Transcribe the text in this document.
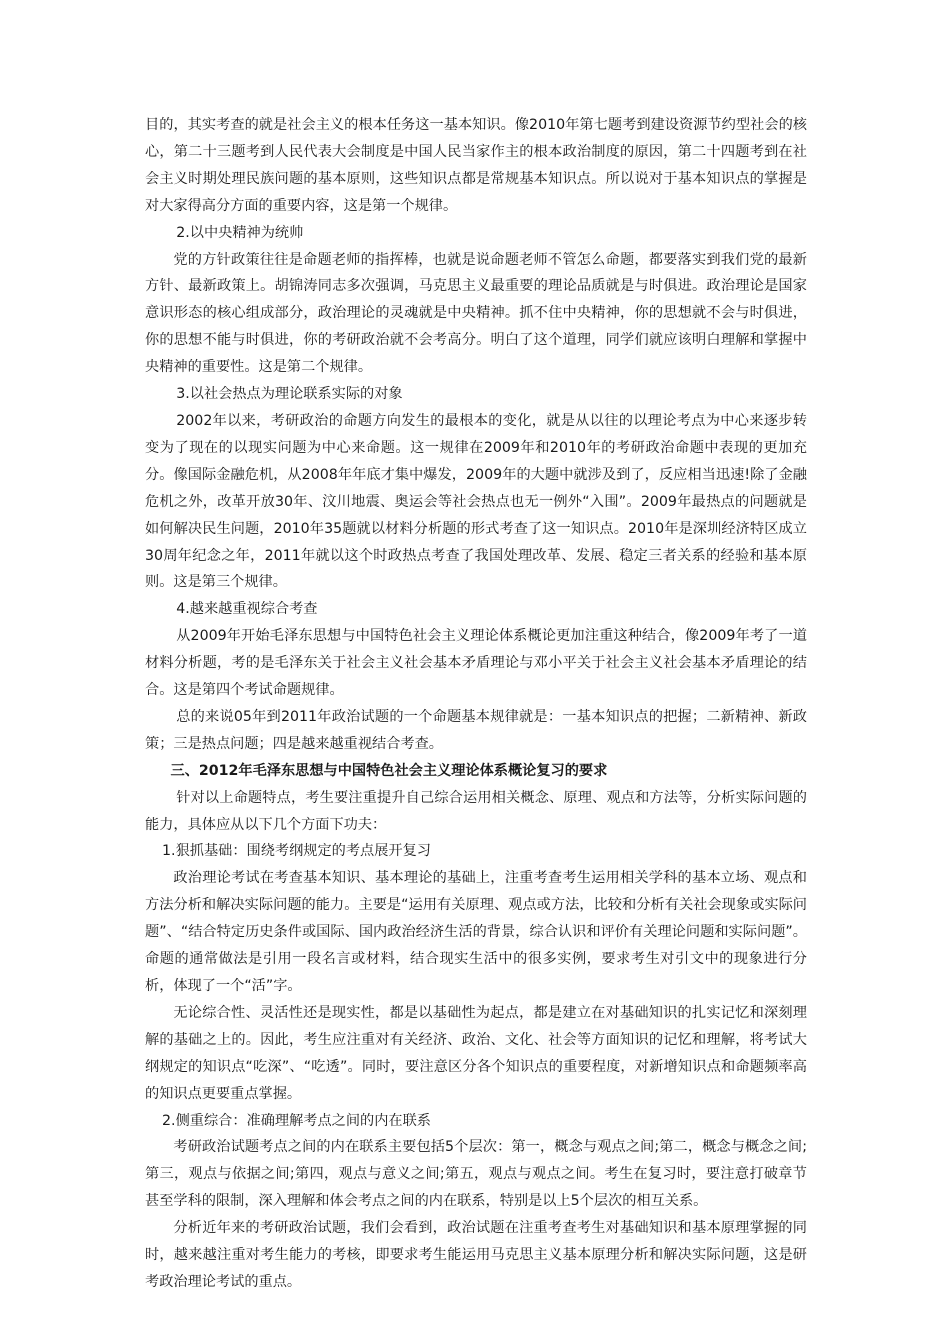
目的，其实考查的就是社会主义的根本任务这一基本知识。像2010年第七题考到建设资源节约型社会的核心，第二十三题考到人民代表大会制度是中国人民当家作主的根本政治制度的原因，第二十四题考到在社会主义时期处理民族问题的基本原则，这些知识点都是常规基本知识点。所以说对于基本知识点的掌握是对大家得高分方面的重要内容，这是第一个规律。

2.以中央精神为统帅

党的方针政策往往是命题老师的指挥棒，也就是说命题老师不管怎么命题，都要落实到我们党的最新方针、最新政策上。胡锦涛同志多次强调，马克思主义最重要的理论品质就是与时俱进。政治理论是国家意识形态的核心组成部分，政治理论的灵魂就是中央精神。抓不住中央精神，你的思想就不会与时俱进，你的思想不能与时俱进，你的考研政治就不会考高分。明白了这个道理，同学们就应该明白理解和掌握中央精神的重要性。这是第二个规律。

3.以社会热点为理论联系实际的对象

2002年以来，考研政治的命题方向发生的最根本的变化，就是从以往的以理论考点为中心来逐步转变为了现在的以现实问题为中心来命题。这一规律在2009年和2010年的考研政治命题中表现的更加充分。像国际金融危机，从2008年年底才集中爆发，2009年的大题中就涉及到了，反应相当迅速!除了金融危机之外，改革开放30年、汶川地震、奥运会等社会热点也无一例外“入围”。2009年最热点的问题就是如何解决民生问题，2010年35题就以材料分析题的形式考查了这一知识点。2010年是深圳经济特区成立30周年纪念之年，2011年就以这个时政热点考查了我国处理改革、发展、稳定三者关系的经验和基本原则。这是第三个规律。

4.越来越重视综合考查

从2009年开始毛泽东思想与中国特色社会主义理论体系概论更加注重这种结合，像2009年考了一道材料分析题，考的是毛泽东关于社会主义社会基本矛盾理论与邓小平关于社会主义社会基本矛盾理论的结合。这是第四个考试命题规律。

总的来说05年到2011年政治试题的一个命题基本规律就是：一基本知识点的把握；二新精神、新政策；三是热点问题；四是越来越重视结合考查。

三、2012年毛泽东思想与中国特色社会主义理论体系概论复习的要求

针对以上命题特点，考生要注重提升自己综合运用相关概念、原理、观点和方法等，分析实际问题的能力，具体应从以下几个方面下功夫：

1.狠抓基础：围绕考纲规定的考点展开复习

政治理论考试在考查基本知识、基本理论的基础上，注重考查考生运用相关学科的基本立场、观点和方法分析和解决实际问题的能力。主要是“运用有关原理、观点或方法，比较和分析有关社会现象或实际问题”、“结合特定历史条件或国际、国内政治经济生活的背景，综合认识和评价有关理论问题和实际问题”。命题的通常做法是引用一段名言或材料，结合现实生活中的很多实例，要求考生对引文中的现象进行分析，体现了一个“活”字。

无论综合性、灵活性还是现实性，都是以基础性为起点，都是建立在对基础知识的扎实记忆和深刻理解的基础之上的。因此，考生应注重对有关经济、政治、文化、社会等方面知识的记忆和理解，将考试大纲规定的知识点“吃深”、“吃透”。同时，要注意区分各个知识点的重要程度，对新增知识点和命题频率高的知识点更要重点掌握。

2.侧重综合：准确理解考点之间的内在联系

考研政治试题考点之间的内在联系主要包括5个层次：第一，概念与观点之间;第二，概念与概念之间;第三，观点与依据之间;第四，观点与意义之间;第五，观点与观点之间。考生在复习时，要注意打破章节甚至学科的限制，深入理解和体会考点之间的内在联系，特别是以上5个层次的相互关系。

分析近年来的考研政治试题，我们会看到，政治试题在注重考查考生对基础知识和基本原理掌握的同时，越来越注重对考生能力的考核，即要求考生能运用马克思主义基本原理分析和解决实际问题，这是研考政治理论考试的重点。
